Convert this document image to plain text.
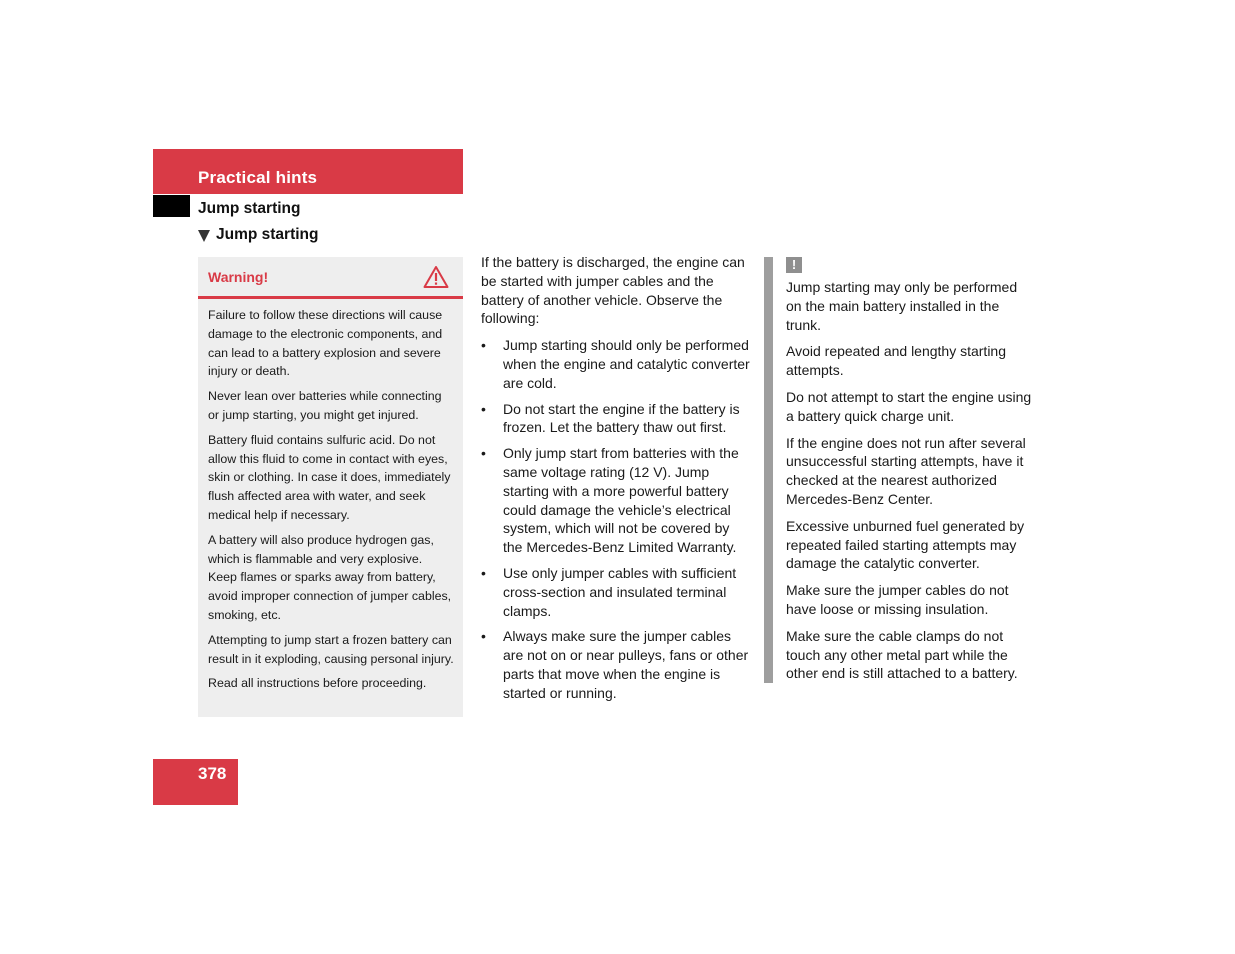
Practical hints
Jump starting
Jump starting
Warning!

Failure to follow these directions will cause damage to the electronic components, and can lead to a battery explosion and severe injury or death.

Never lean over batteries while connecting or jump starting, you might get injured.

Battery fluid contains sulfuric acid. Do not allow this fluid to come in contact with eyes, skin or clothing. In case it does, immediately flush affected area with water, and seek medical help if necessary.

A battery will also produce hydrogen gas, which is flammable and very explosive. Keep flames or sparks away from battery, avoid improper connection of jumper cables, smoking, etc.

Attempting to jump start a frozen battery can result in it exploding, causing personal injury.

Read all instructions before proceeding.

If the battery is discharged, the engine can be started with jumper cables and the battery of another vehicle. Observe the following:

• Jump starting should only be performed when the engine and catalytic converter are cold.
• Do not start the engine if the battery is frozen. Let the battery thaw out first.
• Only jump start from batteries with the same voltage rating (12 V). Jump starting with a more powerful battery could damage the vehicle’s electrical system, which will not be covered by the Mercedes-Benz Limited Warranty.
• Use only jumper cables with sufficient cross-section and insulated terminal clamps.
• Always make sure the jumper cables are not on or near pulleys, fans or other parts that move when the engine is started or running.
!

Jump starting may only be performed on the main battery installed in the trunk.

Avoid repeated and lengthy starting attempts.

Do not attempt to start the engine using a battery quick charge unit.

If the engine does not run after several unsuccessful starting attempts, have it checked at the nearest authorized Mercedes-Benz Center.

Excessive unburned fuel generated by repeated failed starting attempts may damage the catalytic converter.

Make sure the jumper cables do not have loose or missing insulation.

Make sure the cable clamps do not touch any other metal part while the other end is still attached to a battery.

378
